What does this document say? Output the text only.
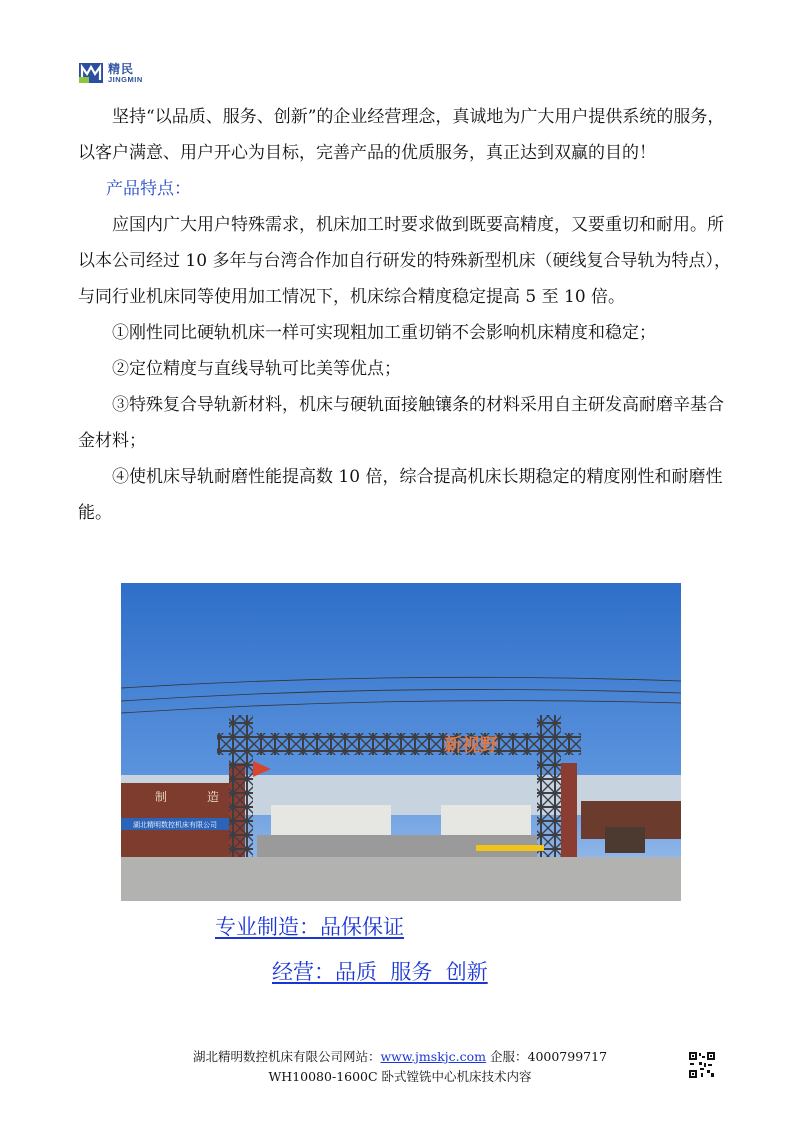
精民
JINGMIN

坚持“以品质、服务、创新”的企业经营理念，真诚地为广大用户提供系统的服务，以客户满意、用户开心为目标，完善产品的优质服务，真正达到双赢的目的！

产品特点：

应国内广大用户特殊需求，机床加工时要求做到既要高精度，又要重切和耐用。所以本公司经过 10 多年与台湾合作加自行研发的特殊新型机床（硬线复合导轨为特点），与同行业机床同等使用加工情况下，机床综合精度稳定提高 5 至 10 倍。

①刚性同比硬轨机床一样可实现粗加工重切销不会影响机床精度和稳定；

②定位精度与直线导轨可比美等优点；

③特殊复合导轨新材料，机床与硬轨面接触镶条的材料采用自主研发高耐磨辛基合金材料；

④使机床导轨耐磨性能提高数 10 倍，综合提高机床长期稳定的精度刚性和耐磨性能。

湖北精明数控机床有限公司
制	造
新视野
专业制造：品保保证
经营：品质  服务  创新
湖北精明数控机床有限公司网站：www.jmskjc.com 企服：4000799717
WH10080-1600C 卧式镗铣中心机床技术内容
